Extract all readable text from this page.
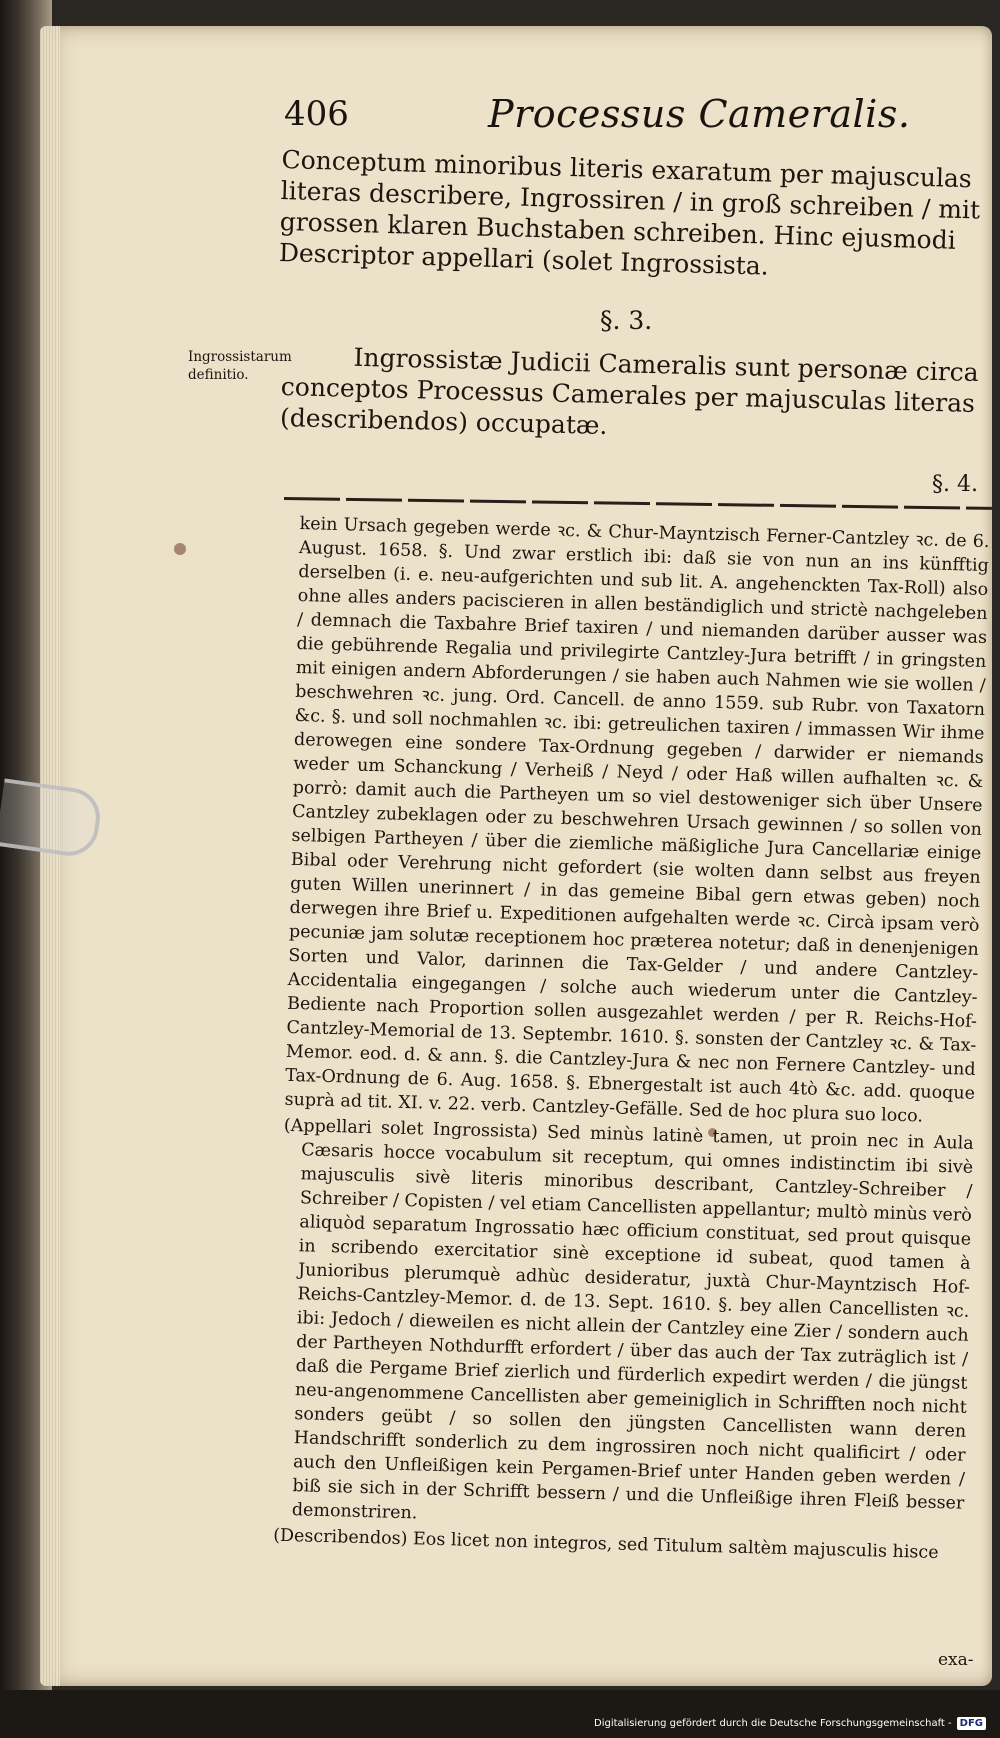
406	Processus Cameralis.
Conceptum minoribus literis exaratum per majusculas literas describere, Ingrossiren / in groß schreiben / mit grossen klaren Buchstaben schreiben. Hinc ejusmodi Descriptor appellari (solet Ingrossista.
§. 3.
Ingrossistarum definitio.	Ingrossistæ Judicii Cameralis sunt personæ circa conceptos Processus Camerales per majusculas literas (describendos) occupatæ.
§. 4.

kein Ursach gegeben werde ꝛc. & Chur-Mayntzisch Ferner-Cantzley ꝛc. de 6. August. 1658. §. Und zwar erstlich ibi: daß sie von nun an ins künfftig derselben (i. e. neu-aufgerichten und sub lit. A. angehenckten Tax-Roll) also ohne alles anders paciscieren in allen beständiglich und strictè nachgeleben / demnach die Taxbahre Brief taxiren / und niemanden darüber ausser was die gebührende Regalia und privilegirte Cantzley-Jura betrifft / in gringsten mit einigen andern Abforderungen / sie haben auch Nahmen wie sie wollen / beschwehren ꝛc. jung. Ord. Cancell. de anno 1559. sub Rubr. von Taxatorn &c. §. und soll nochmahlen ꝛc. ibi: getreulichen taxiren / immassen Wir ihme derowegen eine sondere Tax-Ordnung gegeben / darwider er niemands weder um Schanckung / Verheiß / Neyd / oder Haß willen aufhalten ꝛc. & porrò: damit auch die Partheyen um so viel destoweniger sich über Unsere Cantzley zubeklagen oder zu beschwehren Ursach gewinnen / so sollen von selbigen Partheyen / über die ziemliche mäßigliche Jura Cancellariæ einige Bibal oder Verehrung nicht gefordert (sie wolten dann selbst aus freyen guten Willen unerinnert / in das gemeine Bibal gern etwas geben) noch derwegen ihre Brief u. Expeditionen aufgehalten werde ꝛc. Circà ipsam verò pecuniæ jam solutæ receptionem hoc præterea notetur; daß in denenjenigen Sorten und Valor, darinnen die Tax-Gelder / und andere Cantzley-Accidentalia eingegangen / solche auch wiederum unter die Cantzley-Bediente nach Proportion sollen ausgezahlet werden / per R. Reichs-Hof-Cantzley-Memorial de 13. Septembr. 1610. §. sonsten der Cantzley ꝛc. & Tax-Memor. eod. d. & ann. §. die Cantzley-Jura & nec non Fernere Cantzley- und Tax-Ordnung de 6. Aug. 1658. §. Ebnergestalt ist auch 4tò &c. add. quoque suprà ad tit. XI. v. 22. verb. Cantzley-Gefälle. Sed de hoc plura suo loco.

(Appellari solet Ingrossista) Sed minùs latinè tamen, ut proin nec in Aula Cæsaris hocce vocabulum sit receptum, qui omnes indistinctim ibi sivè majusculis sivè literis minoribus describant, Cantzley-Schreiber / Schreiber / Copisten / vel etiam Cancellisten appellantur; multò minùs verò aliquòd separatum Ingrossatio hæc officium constituat, sed prout quisque in scribendo exercitatior sinè exceptione id subeat, quod tamen à Junioribus plerumquè adhùc desideratur, juxtà Chur-Mayntzisch Hof-Reichs-Cantzley-Memor. d. de 13. Sept. 1610. §. bey allen Cancellisten ꝛc. ibi: Jedoch / dieweilen es nicht allein der Cantzley eine Zier / sondern auch der Partheyen Nothdurfft erfordert / über das auch der Tax zuträglich ist / daß die Pergame Brief zierlich und fürderlich expedirt werden / die jüngst neu-angenommene Cancellisten aber gemeiniglich in Schrifften noch nicht sonders geübt / so sollen den jüngsten Cancellisten wann deren Handschrifft sonderlich zu dem ingrossiren noch nicht qualificirt / oder auch den Unfleißigen kein Pergamen-Brief unter Handen geben werden / biß sie sich in der Schrifft bessern / und die Unfleißige ihren Fleiß besser demonstriren.

(Describendos) Eos licet non integros, sed Titulum saltèm majusculis hisce

exa-
Digitalisierung gefördert durch die Deutsche Forschungsgemeinschaft - DFG
